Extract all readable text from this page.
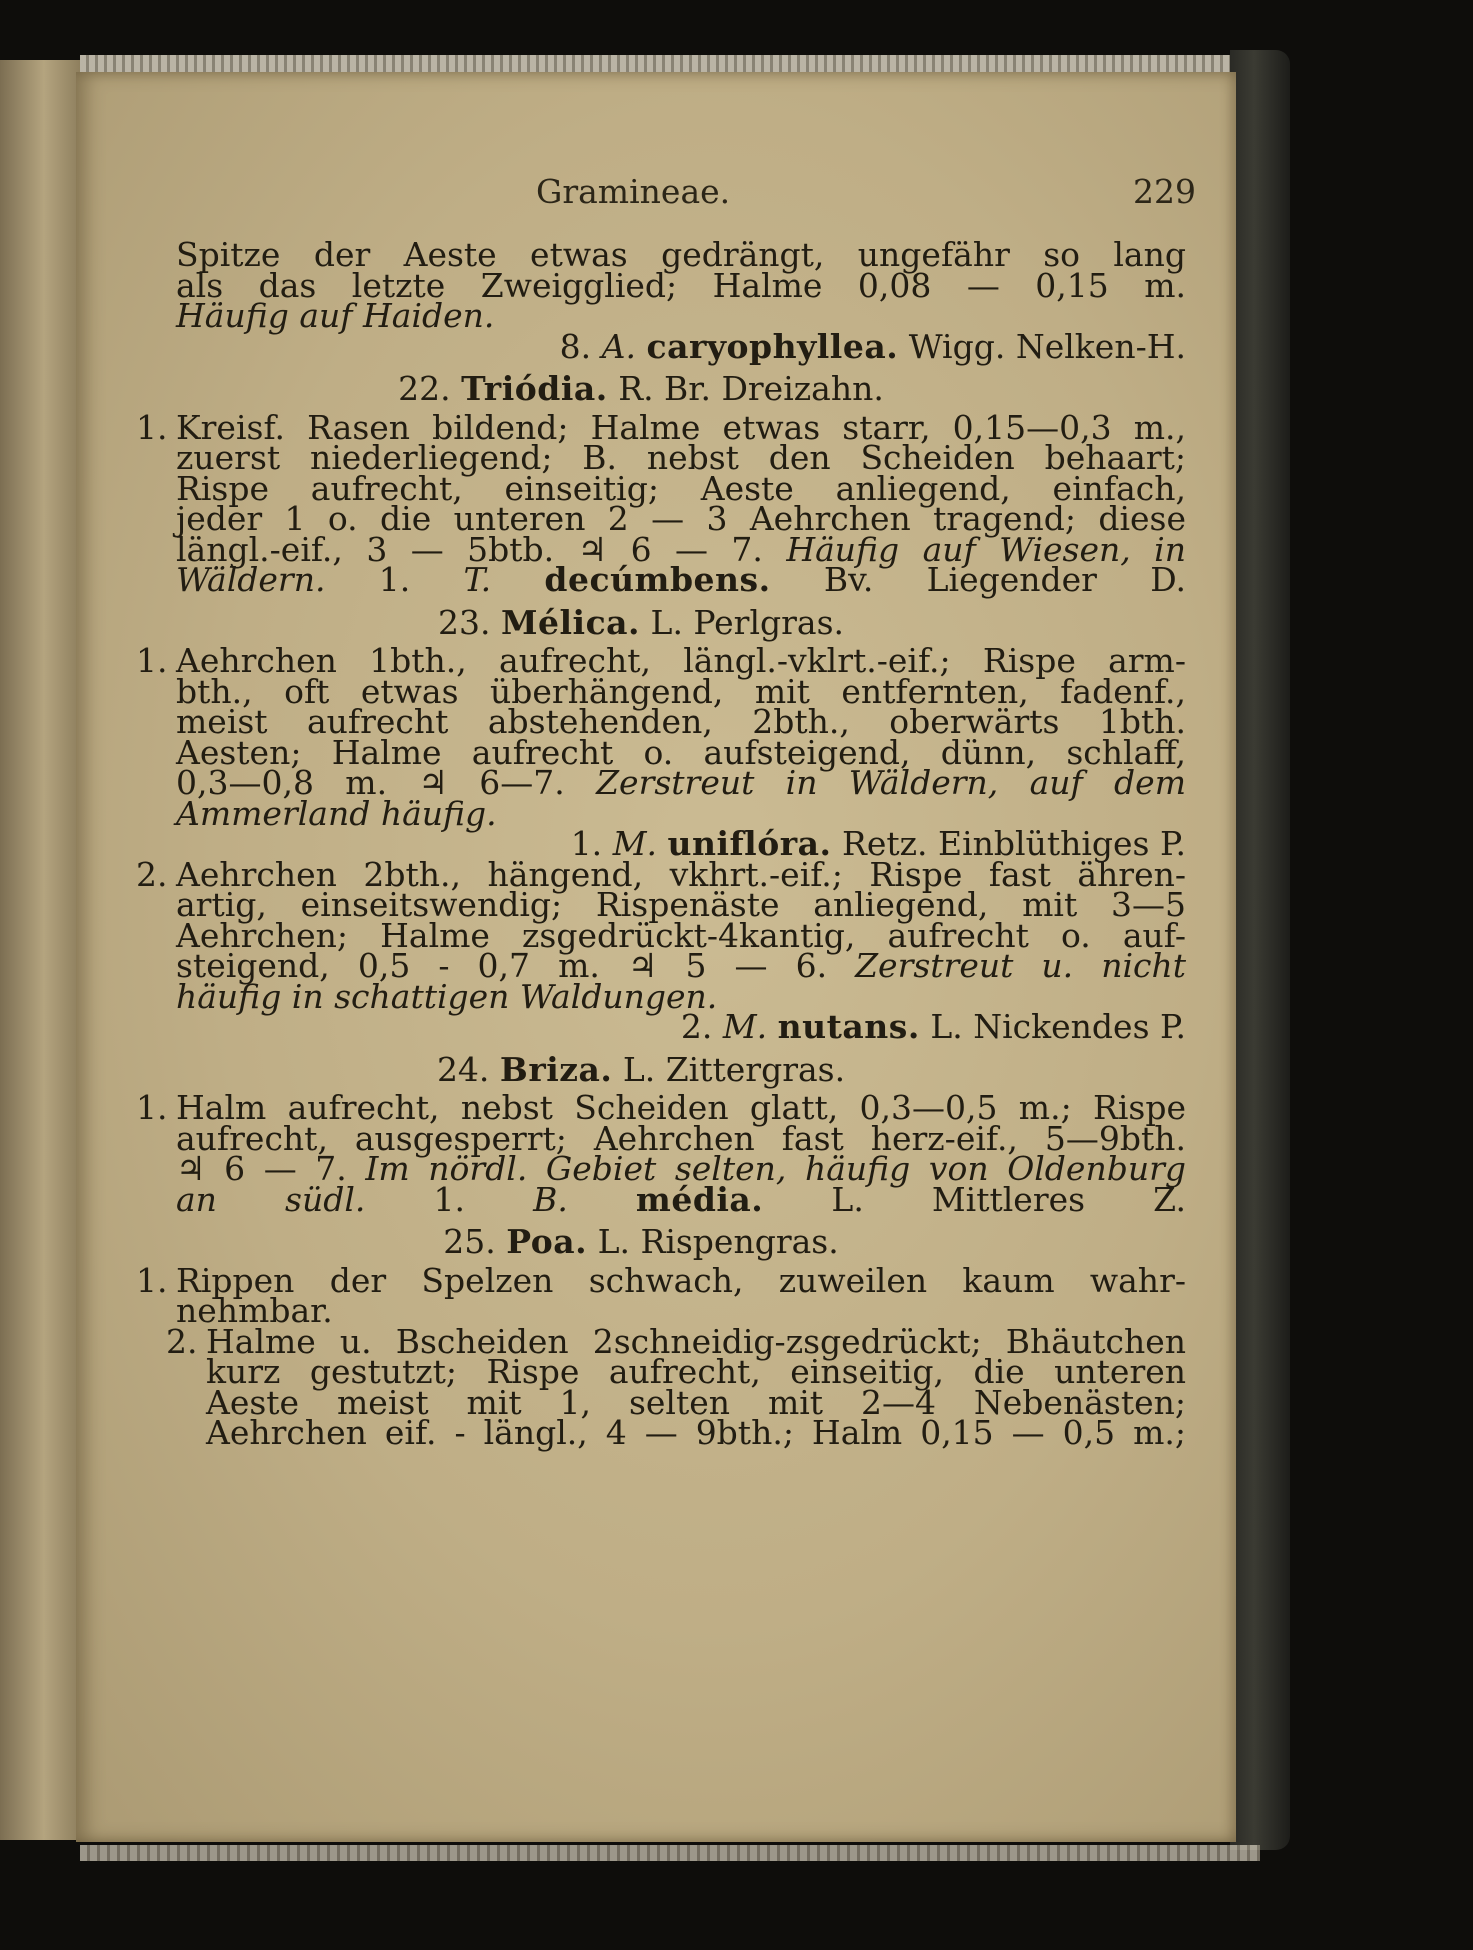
Gramineae.	229
Spitze der Aeste etwas gedrängt, ungefähr so lang
als das letzte Zweigglied; Halme 0,08 — 0,15 m.
Häufig auf Haiden.
8. A. caryophyllea. Wigg. Nelken-H.
22. Triódia. R. Br. Dreizahn.
1. Kreisf. Rasen bildend; Halme etwas starr, 0,15—0,3 m.,
zuerst niederliegend; B. nebst den Scheiden behaart;
Rispe aufrecht, einseitig; Aeste anliegend, einfach,
jeder 1 o. die unteren 2 — 3 Aehrchen tragend; diese
längl.-eif., 3 — 5btb. ♃ 6 — 7. Häufig auf Wiesen, in
Wäldern. 1. T. decúmbens. Bv. Liegender D.
23. Mélica. L. Perlgras.
1. Aehrchen 1bth., aufrecht, längl.-vklrt.-eif.; Rispe arm-
bth., oft etwas überhängend, mit entfernten, fadenf.,
meist aufrecht abstehenden, 2bth., oberwärts 1bth.
Aesten; Halme aufrecht o. aufsteigend, dünn, schlaff,
0,3—0,8 m. ♃ 6—7. Zerstreut in Wäldern, auf dem
Ammerland häufig.
1. M. uniflóra. Retz. Einblüthiges P.
2. Aehrchen 2bth., hängend, vkhrt.-eif.; Rispe fast ähren-
artig, einseitswendig; Rispenäste anliegend, mit 3—5
Aehrchen; Halme zsgedrückt-4kantig, aufrecht o. auf-
steigend, 0,5 - 0,7 m. ♃ 5 — 6. Zerstreut u. nicht
häufig in schattigen Waldungen.
2. M. nutans. L. Nickendes P.
24. Briza. L. Zittergras.
1. Halm aufrecht, nebst Scheiden glatt, 0,3—0,5 m.; Rispe
aufrecht, ausgesperrt; Aehrchen fast herz-eif., 5—9bth.
♃ 6 — 7. Im nördl. Gebiet selten, häufig von Oldenburg
an südl. 1. B. média. L. Mittleres Z.
25. Poa. L. Rispengras.
1. Rippen der Spelzen schwach, zuweilen kaum wahr-
nehmbar.
2. Halme u. Bscheiden 2schneidig-zsgedrückt; Bhäutchen
kurz gestutzt; Rispe aufrecht, einseitig, die unteren
Aeste meist mit 1, selten mit 2—4 Nebenästen;
Aehrchen eif. - längl., 4 — 9bth.; Halm 0,15 — 0,5 m.;
